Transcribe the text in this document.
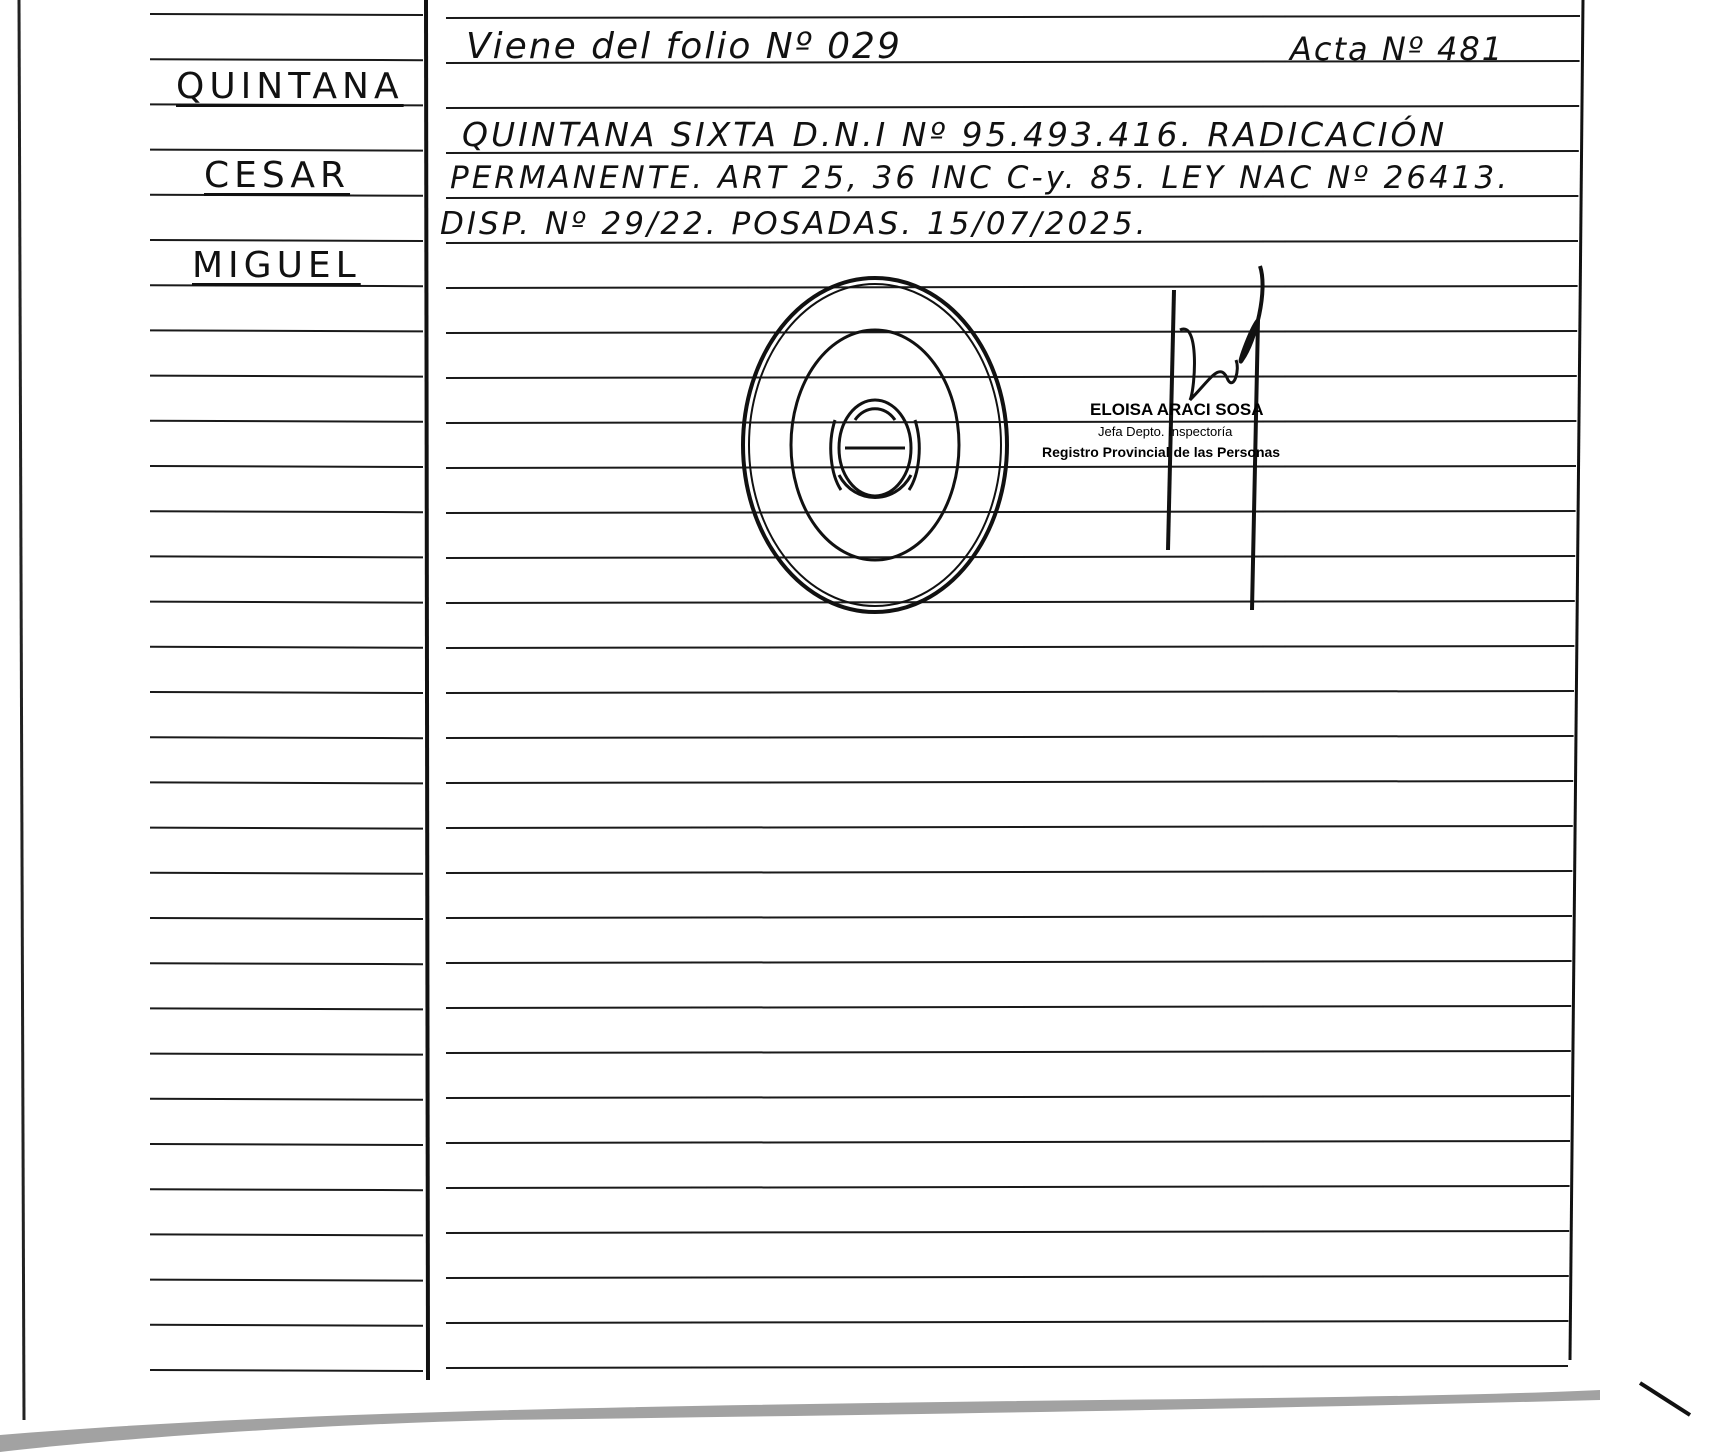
QUINTANA
CESAR
MIGUEL
Viene del folio Nº 029	Acta Nº 481
QUINTANA SIXTA D.N.I Nº 95.493.416. RADICACIÓN
PERMANENTE. ART 25, 36 INC C-y. 85. LEY NAC Nº 26413.
DISP. Nº 29/22. POSADAS. 15/07/2025.
ELOISA ARACI SOSA
Jefa Depto. Inspectoría
Registro Provincial de las Personas
